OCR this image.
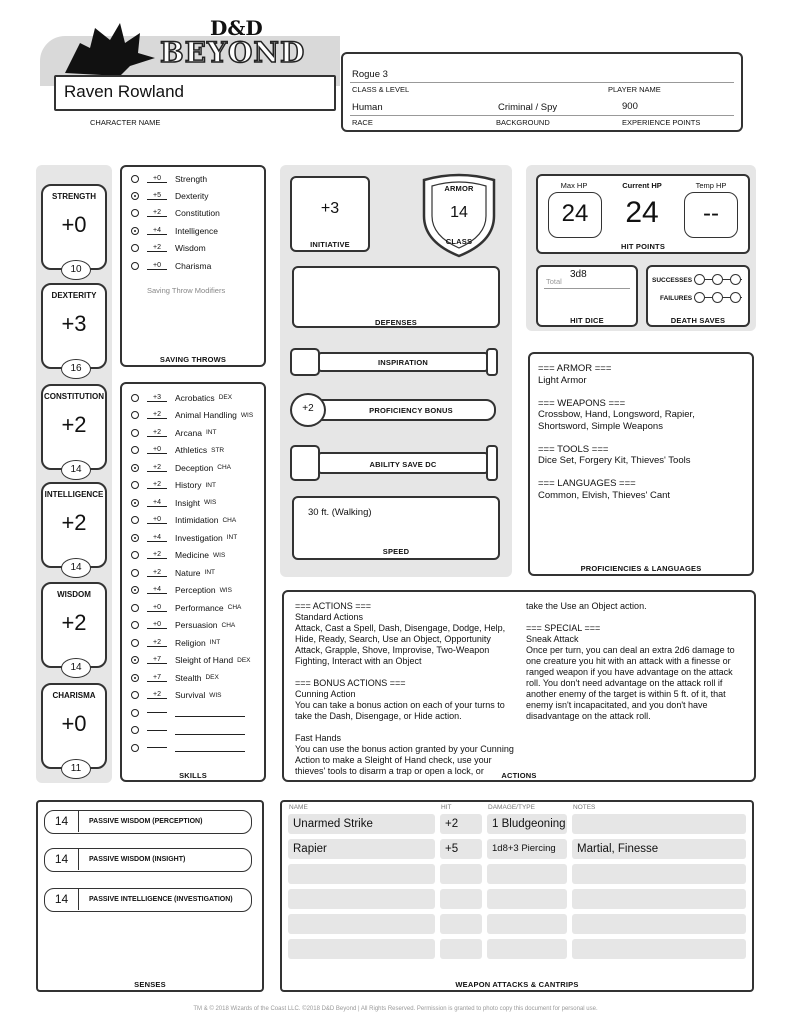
D&D
BEYOND
Raven Rowland
CHARACTER NAME
Rogue 3
CLASS & LEVEL	PLAYER NAME
Human
RACE
Criminal / Spy
BACKGROUND
900
EXPERIENCE POINTS
STRENGTH
+0
10
DEXTERITY
+3
16
CONSTITUTION
+2
14
INTELLIGENCE
+2
14
WISDOM
+2
14
CHARISMA
+0
11
+0	Strength
+5	Dexterity
+2	Constitution
+4	Intelligence
+2	Wisdom
+0	Charisma
Saving Throw Modifiers
SAVING THROWS
+3	Acrobatics DEX
+2	Animal Handling WIS
+2	Arcana INT
+0	Athletics STR
+2	Deception CHA
+2	History INT
+4	Insight WIS
+0	Intimidation CHA
+4	Investigation INT
+2	Medicine WIS
+2	Nature INT
+4	Perception WIS
+0	Performance CHA
+0	Persuasion CHA
+2	Religion INT
+7	Sleight of Hand DEX
+7	Stealth DEX
+2	Survival WIS
SKILLS
+3
INITIATIVE
ARMOR
14
CLASS
DEFENSES
INSPIRATION
+2	PROFICIENCY BONUS
ABILITY SAVE DC
30 ft. (Walking)
SPEED
Max HP
24
Current HP
24
Temp HP
--
HIT POINTS
Total
3d8
HIT DICE
SUCCESSES
FAILURES
DEATH SAVES
=== ARMOR ===
Light Armor

=== WEAPONS ===
Crossbow, Hand, Longsword, Rapier, Shortsword, Simple Weapons

=== TOOLS ===
Dice Set, Forgery Kit, Thieves' Tools

=== LANGUAGES ===
Common, Elvish, Thieves' Cant
PROFICIENCIES & LANGUAGES
=== ACTIONS ===
Standard Actions
Attack, Cast a Spell, Dash, Disengage, Dodge, Help, Hide, Ready, Search, Use an Object, Opportunity Attack, Grapple, Shove, Improvise, Two-Weapon Fighting, Interact with an Object

=== BONUS ACTIONS ===
Cunning Action
You can take a bonus action on each of your turns to take the Dash, Disengage, or Hide action.

Fast Hands
You can use the bonus action granted by your Cunning Action to make a Sleight of Hand check, use your thieves' tools to disarm a trap or open a lock, or
take the Use an Object action.

=== SPECIAL ===
Sneak Attack
Once per turn, you can deal an extra 2d6 damage to one creature you hit with an attack with a finesse or ranged weapon if you have advantage on the attack roll. You don't need advantage on the attack roll if another enemy of the target is within 5 ft. of it, that enemy isn't incapacitated, and you don't have disadvantage on the attack roll.
ACTIONS
14	PASSIVE WISDOM (PERCEPTION)
14	PASSIVE WISDOM (INSIGHT)
14	PASSIVE INTELLIGENCE (INVESTIGATION)
SENSES
NAME	HIT	DAMAGE/TYPE	NOTES
Unarmed Strike	+2	1 Bludgeoning
Rapier	+5	1d8+3 Piercing	Martial, Finesse
WEAPON ATTACKS & CANTRIPS
TM & © 2018 Wizards of the Coast LLC. ©2018 D&D Beyond | All Rights Reserved. Permission is granted to photo copy this document for personal use.
